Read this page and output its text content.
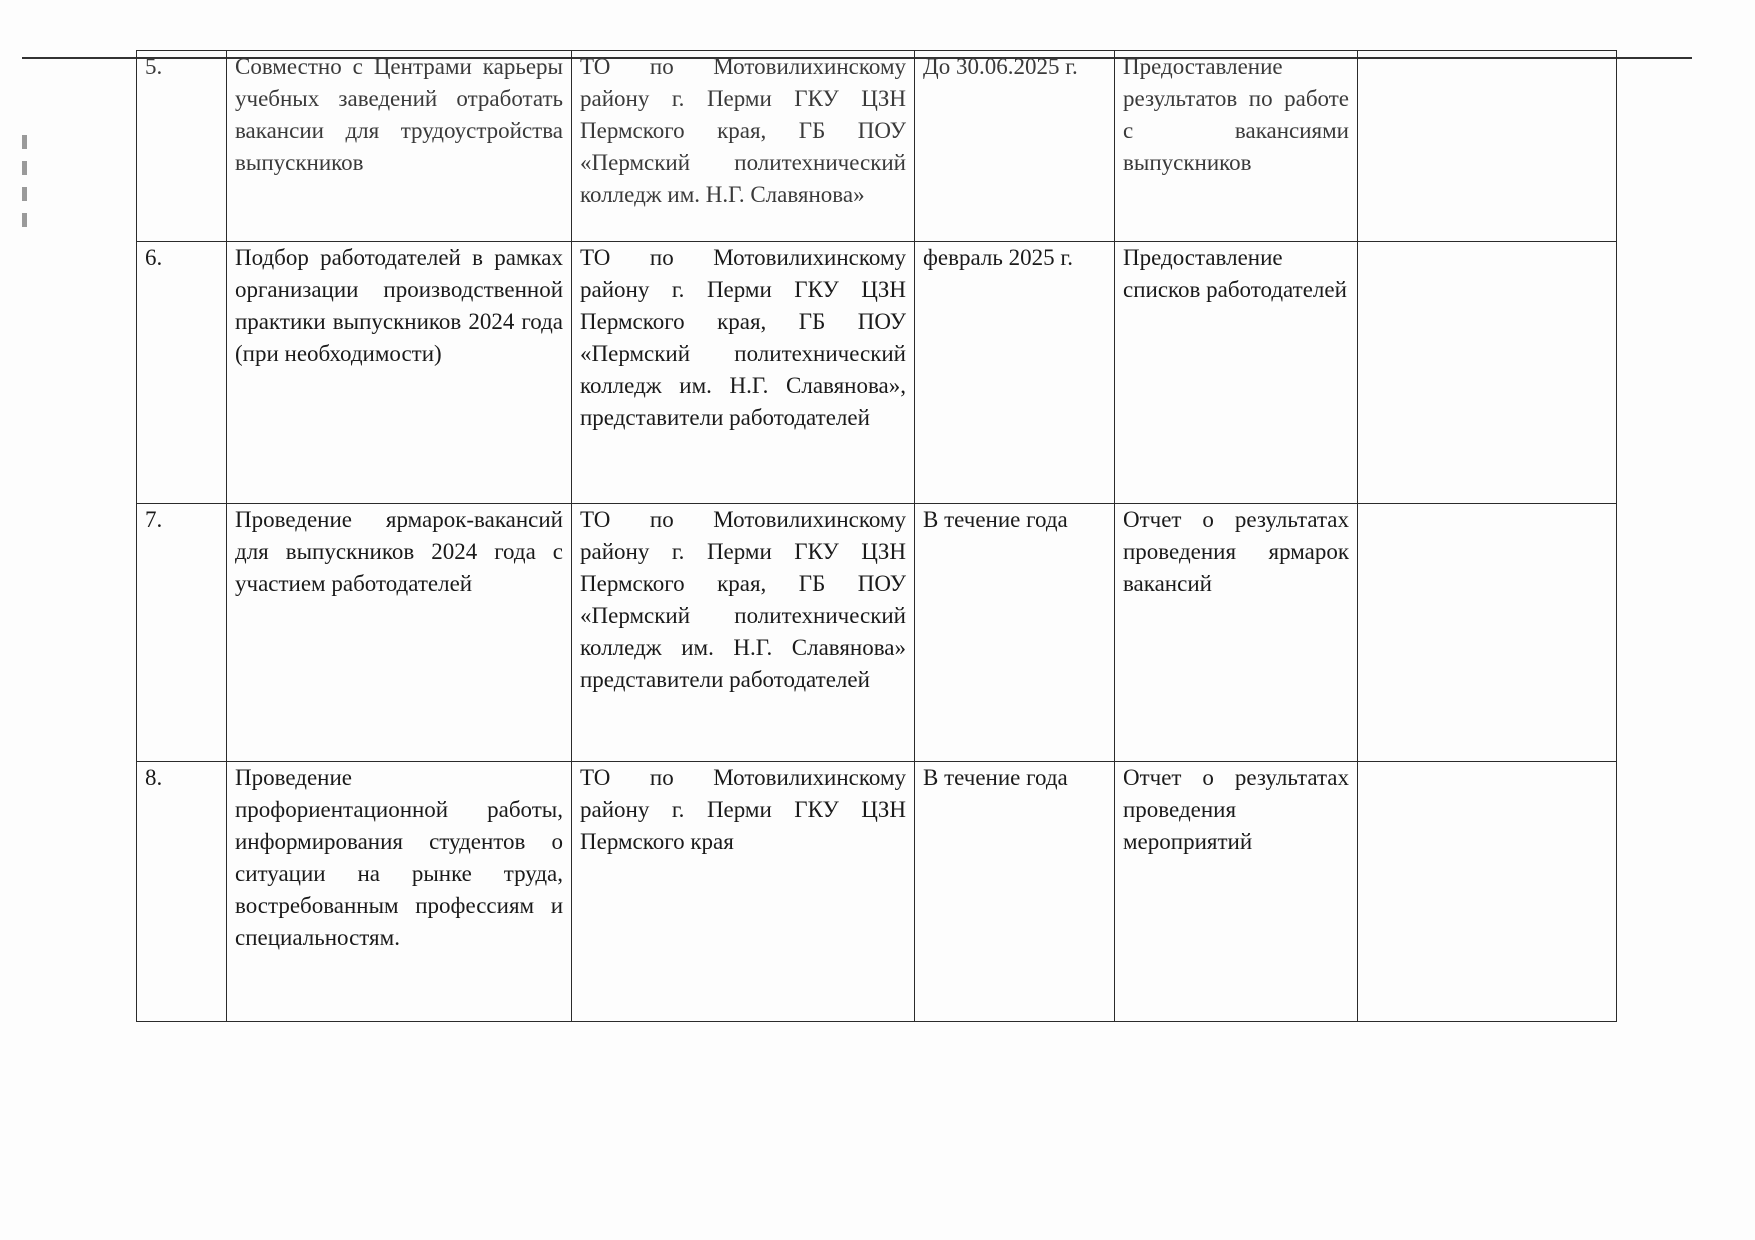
5.	Совместно с Центрами карьеры учебных заведений отработать вакансии для трудоустройства выпускников	ТО по Мотовилихинскому району г. Перми ГКУ ЦЗН Пермского края, ГБ ПОУ «Пермский политехнический колледж им. Н.Г. Славянова»	До 30.06.2025 г.	Предоставление результатов по работе с вакансиями выпускников	
6.	Подбор работодателей в рамках организации производственной практики выпускников 2024 года (при необходимости)	ТО по Мотовилихинскому району г. Перми ГКУ ЦЗН Пермского края, ГБ ПОУ «Пермский политехнический колледж им. Н.Г. Славянова», представители работодателей	февраль 2025 г.	Предоставление списков работодателей	
7.	Проведение ярмарок-вакансий для выпускников 2024 года с участием работодателей	ТО по Мотовилихинскому району г. Перми ГКУ ЦЗН Пермского края, ГБ ПОУ «Пермский политехнический колледж им. Н.Г. Славянова» представители работодателей	В течение года	Отчет о результатах проведения ярмарок вакансий	
8.	Проведение профориентационной работы, информирования студентов о ситуации на рынке труда, востребованным профессиям и специальностям.	ТО по Мотовилихинскому району г. Перми ГКУ ЦЗН Пермского края	В течение года	Отчет о результатах проведения мероприятий	
